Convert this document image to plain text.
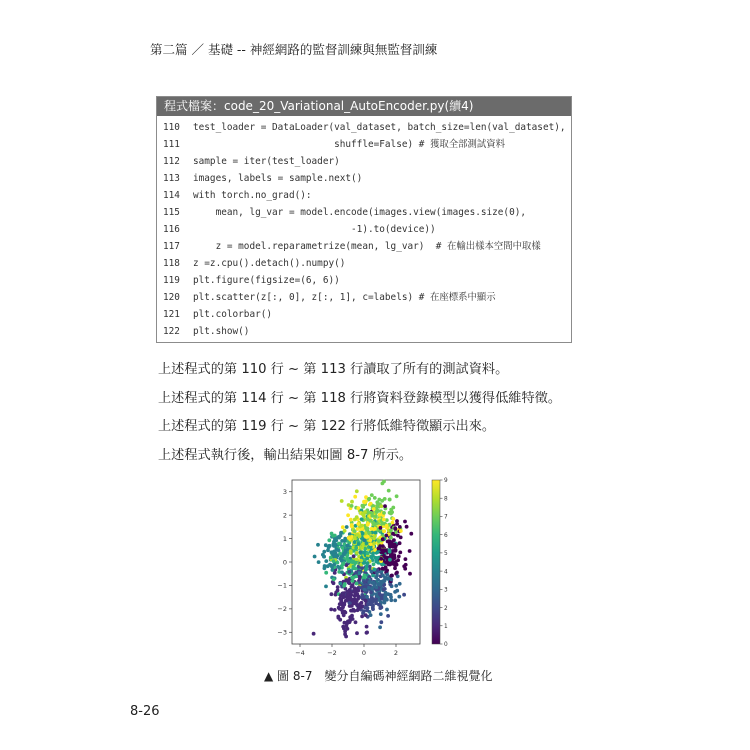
第二篇 ／ 基礎 -- 神經網路的監督訓練與無監督訓練
程式檔案：code_20_Variational_AutoEncoder.py(續4)
110 test_loader = DataLoader(val_dataset, batch_size=len(val_dataset),
111                         shuffle=False) # 獲取全部測試資料
112 sample = iter(test_loader)
113 images, labels = sample.next()
114 with torch.no_grad():
115    mean, lg_var = model.encode(images.view(images.size(0),
116                            -1).to(device))
117    z = model.reparametrize(mean, lg_var)  # 在輸出樣本空間中取樣
118 z =z.cpu().detach().numpy()
119 plt.figure(figsize=(6, 6))
120 plt.scatter(z[:, 0], z[:, 1], c=labels) # 在座標系中顯示
121 plt.colorbar()
122 plt.show()
上述程式的第 110 行 ~ 第 113 行讀取了所有的測試資料。
上述程式的第 114 行 ~ 第 118 行將資料登錄模型以獲得低維特徵。
上述程式的第 119 行 ~ 第 122 行將低維特徵顯示出來。
上述程式執行後，輸出結果如圖 8-7 所示。
−4	−2	0	2
−3
−2
−1
0
1
2
3
0
1
2
3
4
5
6
7
8
9
▲ 圖 8-7　變分自編碼神經網路二維視覺化
8-26
